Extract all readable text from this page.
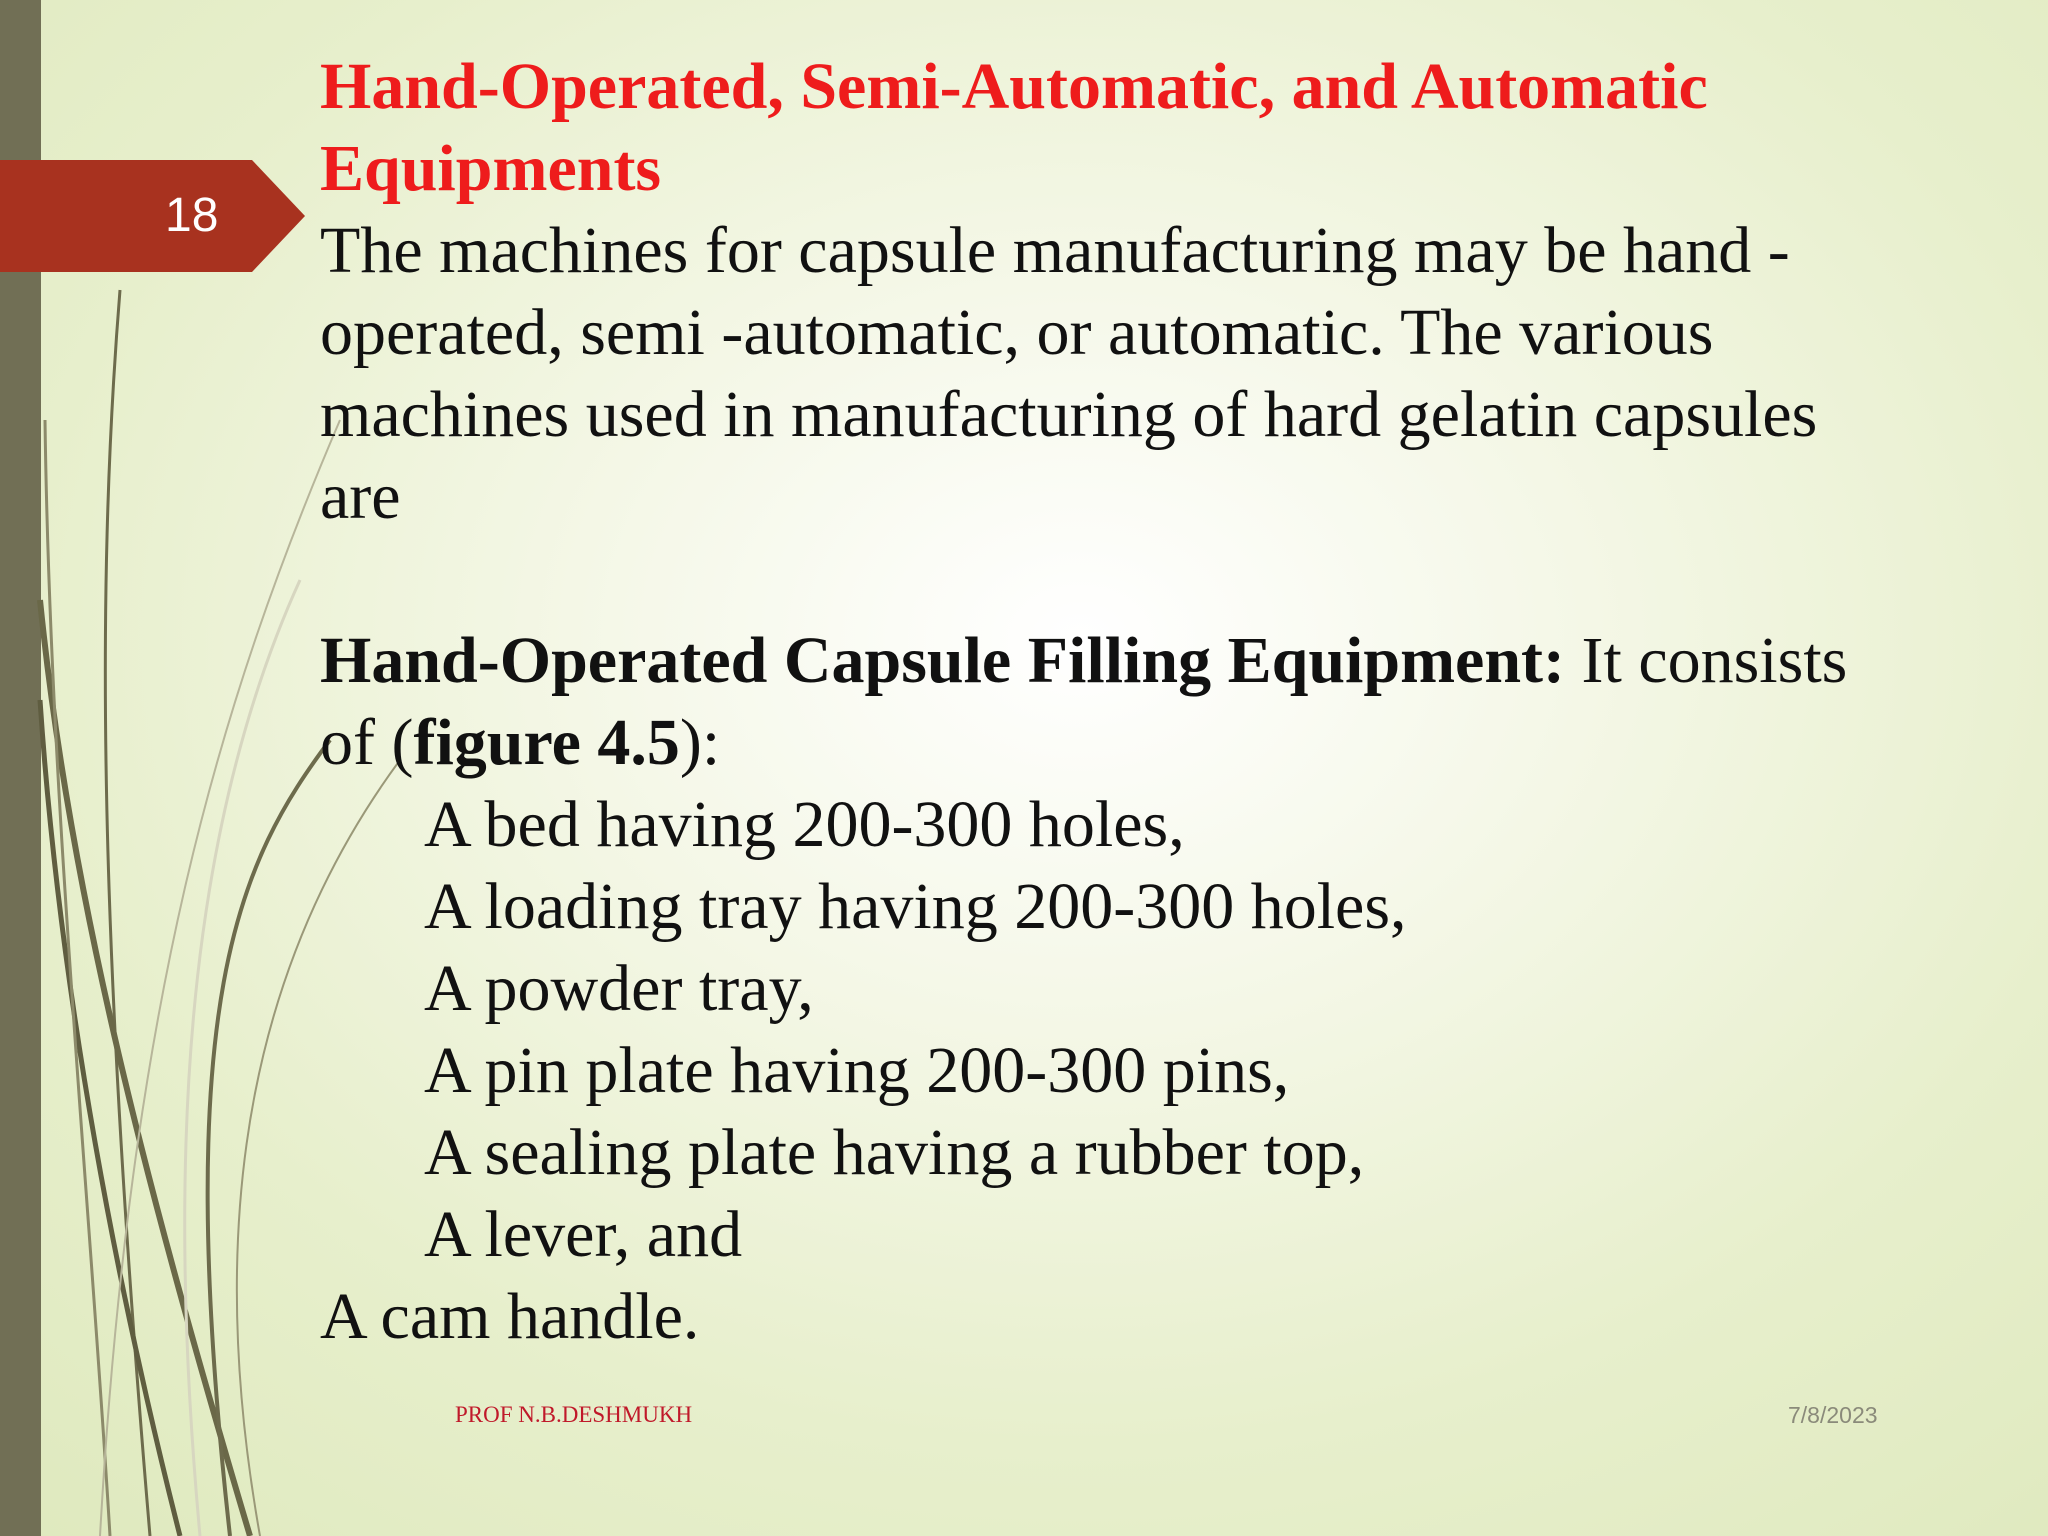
18

Hand-Operated, Semi-Automatic, and Automatic Equipments

The machines for capsule manufacturing may be hand -operated, semi -automatic, or automatic. The various machines used in manufacturing of hard gelatin capsules are

Hand-Operated Capsule Filling Equipment: It consists of (figure 4.5):

A bed having 200-300 holes,
A loading tray having 200-300 holes,
A powder tray,
A pin plate having 200-300 pins,
A sealing plate having a rubber top,
A lever, and
A cam handle.
PROF N.B.DESHMUKH	7/8/2023
